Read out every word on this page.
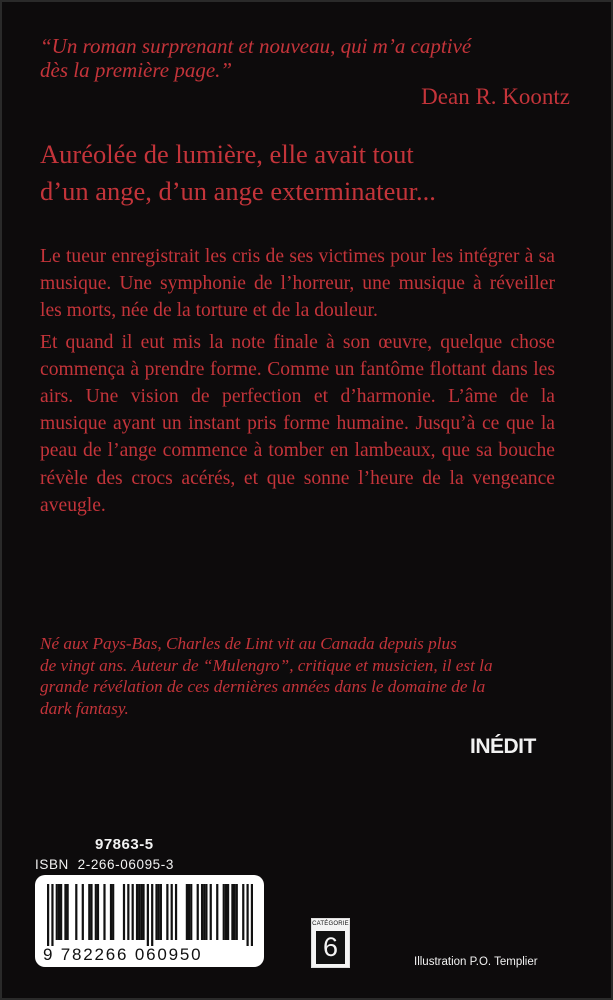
“Un roman surprenant et nouveau, qui m’a captivé
dès la première page.”
Dean R. Koontz
Auréolée de lumière, elle avait tout
d’un ange, d’un ange exterminateur...

Le tueur enregistrait les cris de ses victimes pour les intégrer à sa musique. Une symphonie de l’horreur, une musique à réveiller les morts, née de la torture et de la douleur.

Et quand il eut mis la note finale à son œuvre, quelque chose commença à prendre forme. Comme un fantôme flottant dans les airs. Une vision de perfection et d’harmonie. L’âme de la musique ayant un instant pris forme humaine. Jusqu’à ce que la peau de l’ange commence à tomber en lambeaux, que sa bouche révèle des crocs acérés, et que sonne l’heure de la vengeance aveugle.

Né aux Pays-Bas, Charles de Lint vit au Canada depuis plus
de vingt ans. Auteur de “Mulengro”, critique et musicien, il est la
grande révélation de ces dernières années dans le domaine de la
dark fantasy.
INÉDIT
97863-5
ISBN 2-266-06095-3
9 782266 060950
CATÉGORIE
6	Illustration P.O. Templier
